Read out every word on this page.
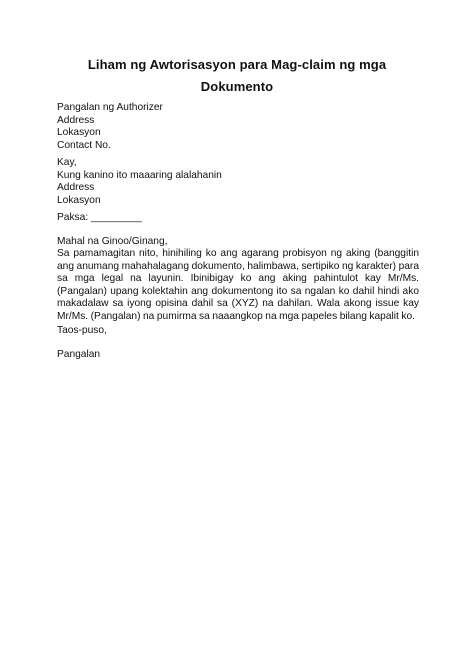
Liham ng Awtorisasyon para Mag-claim ng mga Dokumento
Pangalan ng Authorizer
Address
Lokasyon
Contact No.
Kay,
Kung kanino ito maaaring alalahanin
Address
Lokasyon
Paksa: _________
Mahal na Ginoo/Ginang,
Sa pamamagitan nito, hinihiling ko ang agarang probisyon ng aking (banggitin ang anumang mahahalagang dokumento, halimbawa, sertipiko ng karakter) para sa mga legal na layunin. Ibinibigay ko ang aking pahintulot kay Mr/Ms. (Pangalan) upang kolektahin ang dokumentong ito sa ngalan ko dahil hindi ako makadalaw sa iyong opisina dahil sa (XYZ) na dahilan. Wala akong issue kay Mr/Ms. (Pangalan) na pumirma sa naaangkop na mga papeles bilang kapalit ko.
Taos-puso,
Pangalan
